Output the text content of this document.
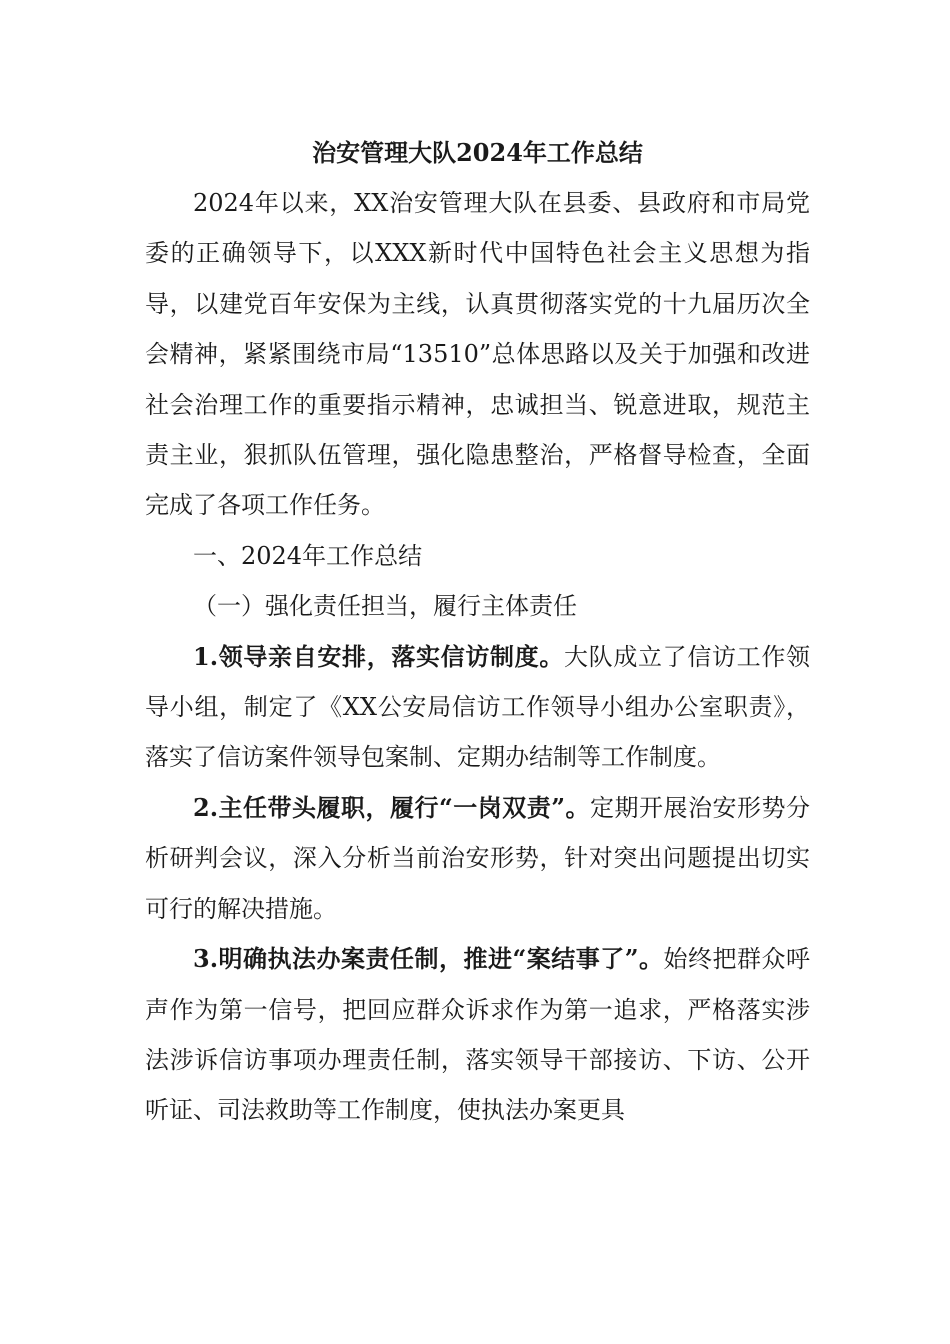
治安管理大队2024年工作总结

2024年以来，XX治安管理大队在县委、县政府和市局党委的正确领导下，以XXX新时代中国特色社会主义思想为指导，以建党百年安保为主线，认真贯彻落实党的十九届历次全会精神，紧紧围绕市局“13510”总体思路以及关于加强和改进社会治理工作的重要指示精神，忠诚担当、锐意进取，规范主责主业，狠抓队伍管理，强化隐患整治，严格督导检查，全面完成了各项工作任务。

一、2024年工作总结

（一）强化责任担当，履行主体责任

1.领导亲自安排，落实信访制度。大队成立了信访工作领导小组，制定了《XX公安局信访工作领导小组办公室职责》，落实了信访案件领导包案制、定期办结制等工作制度。

2.主任带头履职，履行“一岗双责”。定期开展治安形势分析研判会议，深入分析当前治安形势，针对突出问题提出切实可行的解决措施。

3.明确执法办案责任制，推进“案结事了”。始终把群众呼声作为第一信号，把回应群众诉求作为第一追求，严格落实涉法涉诉信访事项办理责任制，落实领导干部接访、下访、公开听证、司法救助等工作制度，使执法办案更具
